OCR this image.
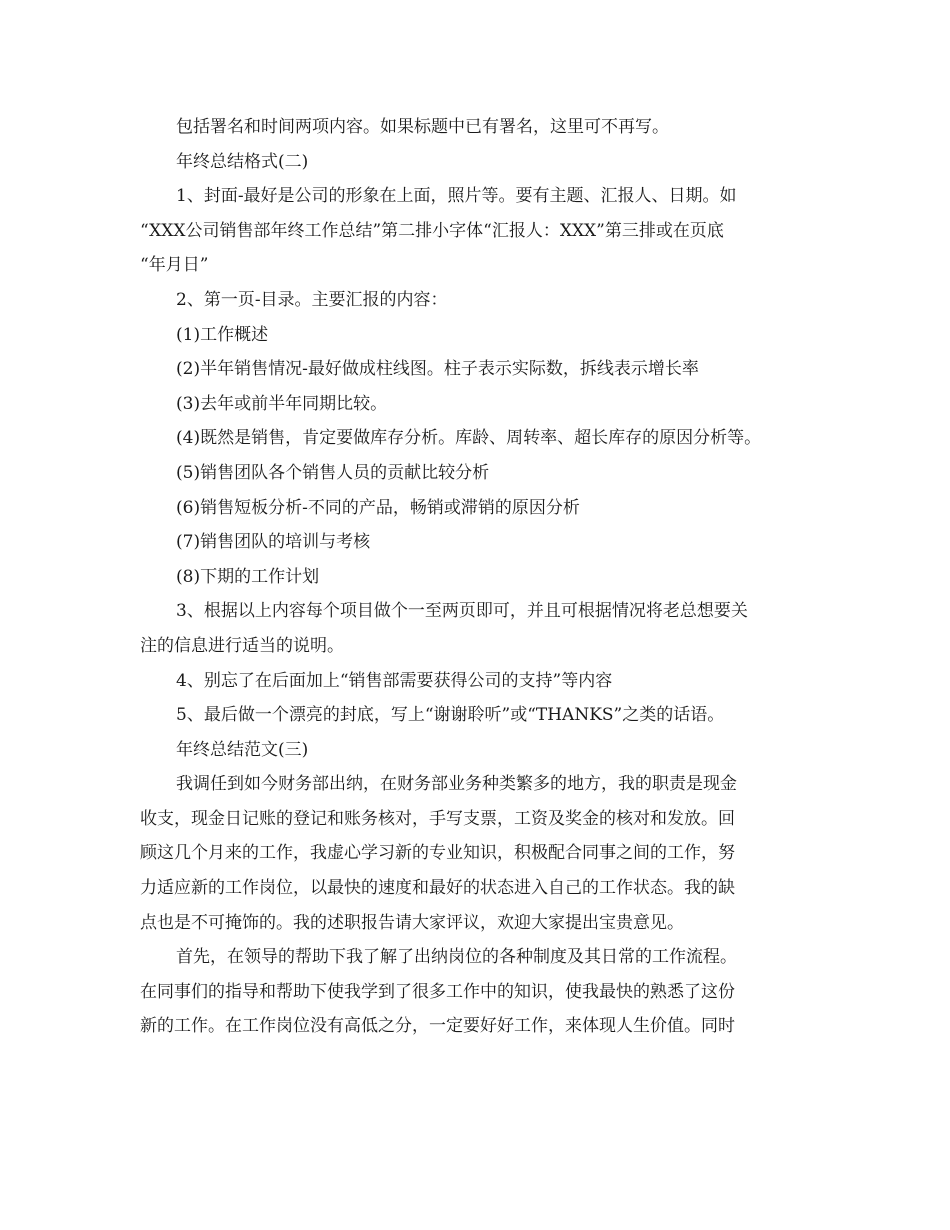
包括署名和时间两项内容。如果标题中已有署名，这里可不再写。

年终总结格式(二)

1、封面-最好是公司的形象在上面，照片等。要有主题、汇报人、日期。如

“XXX公司销售部年终工作总结”第二排小字体“汇报人：XXX”第三排或在页底

“年月日”

2、第一页-目录。主要汇报的内容：

(1)工作概述

(2)半年销售情况-最好做成柱线图。柱子表示实际数，拆线表示增长率

(3)去年或前半年同期比较。

(4)既然是销售，肯定要做库存分析。库龄、周转率、超长库存的原因分析等。

(5)销售团队各个销售人员的贡献比较分析

(6)销售短板分析-不同的产品，畅销或滞销的原因分析

(7)销售团队的培训与考核

(8)下期的工作计划

3、根据以上内容每个项目做个一至两页即可，并且可根据情况将老总想要关

注的信息进行适当的说明。

4、别忘了在后面加上“销售部需要获得公司的支持”等内容

5、最后做一个漂亮的封底，写上“谢谢聆听”或“THANKS”之类的话语。

年终总结范文(三)

我调任到如今财务部出纳，在财务部业务种类繁多的地方，我的职责是现金

收支，现金日记账的登记和账务核对，手写支票，工资及奖金的核对和发放。回

顾这几个月来的工作，我虚心学习新的专业知识，积极配合同事之间的工作，努

力适应新的工作岗位，以最快的速度和最好的状态进入自己的工作状态。我的缺

点也是不可掩饰的。我的述职报告请大家评议，欢迎大家提出宝贵意见。

首先，在领导的帮助下我了解了出纳岗位的各种制度及其日常的工作流程。

在同事们的指导和帮助下使我学到了很多工作中的知识，使我最快的熟悉了这份

新的工作。在工作岗位没有高低之分，一定要好好工作，来体现人生价值。同时
